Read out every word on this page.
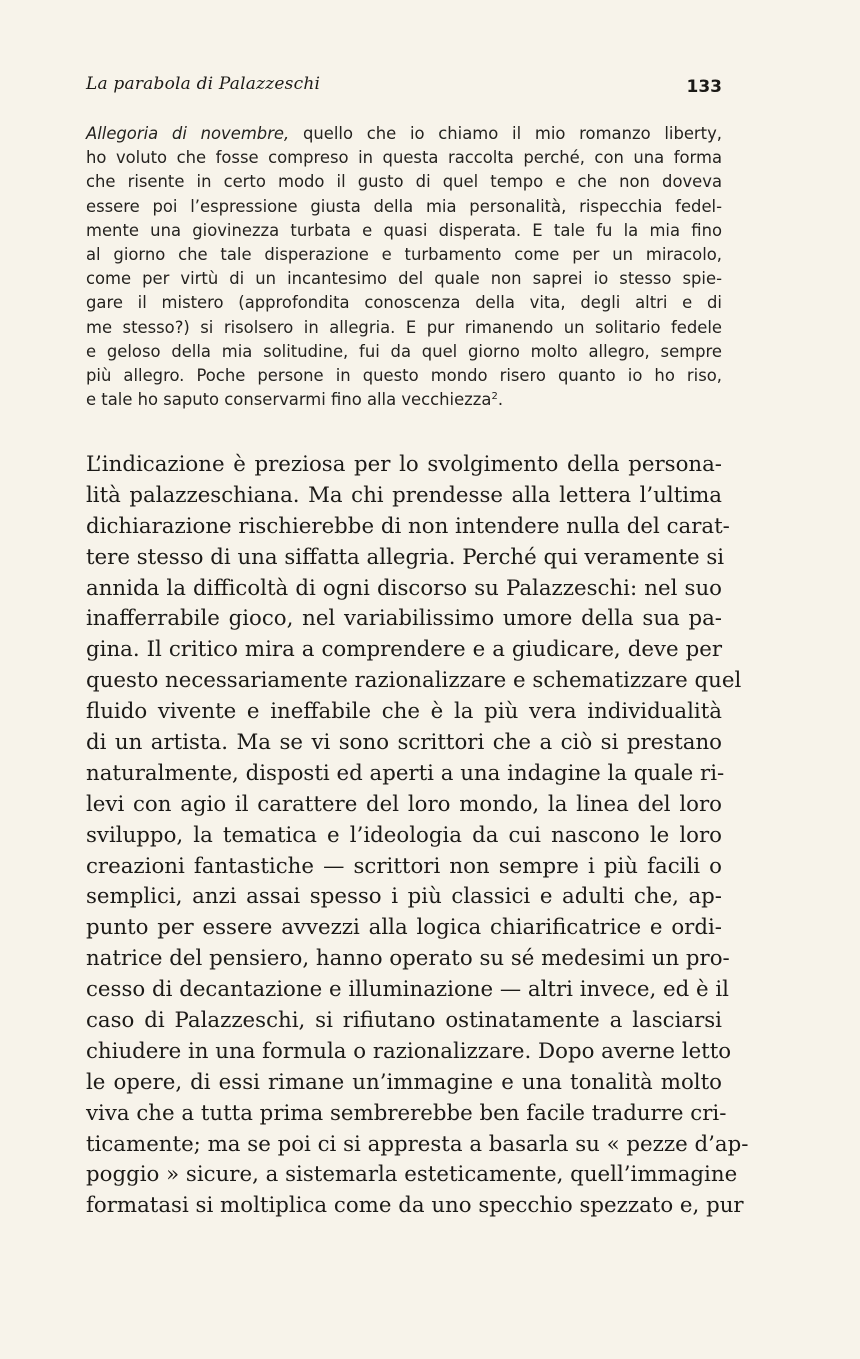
La parabola di Palazzeschi	133
Allegoria di novembre, quello che io chiamo il mio romanzo liberty,
ho voluto che fosse compreso in questa raccolta perché, con una forma
che risente in certo modo il gusto di quel tempo e che non doveva
essere poi l’espressione giusta della mia personalità, rispecchia fedel-
mente una giovinezza turbata e quasi disperata. E tale fu la mia fino
al giorno che tale disperazione e turbamento come per un miracolo,
come per virtù di un incantesimo del quale non saprei io stesso spie-
gare il mistero (approfondita conoscenza della vita, degli altri e di
me stesso?) si risolsero in allegria. E pur rimanendo un solitario fedele
e geloso della mia solitudine, fui da quel giorno molto allegro, sempre
più allegro. Poche persone in questo mondo risero quanto io ho riso,
e tale ho saputo conservarmi fino alla vecchiezza$^2$.
L’indicazione è preziosa per lo svolgimento della persona-
lità palazzeschiana. Ma chi prendesse alla lettera l’ultima
dichiarazione rischierebbe di non intendere nulla del carat-
tere stesso di una siffatta allegria. Perché qui veramente si
annida la difficoltà di ogni discorso su Palazzeschi: nel suo
inafferrabile gioco, nel variabilissimo umore della sua pa-
gina. Il critico mira a comprendere e a giudicare, deve per
questo necessariamente razionalizzare e schematizzare quel
fluido vivente e ineffabile che è la più vera individualità
di un artista. Ma se vi sono scrittori che a ciò si prestano
naturalmente, disposti ed aperti a una indagine la quale ri-
levi con agio il carattere del loro mondo, la linea del loro
sviluppo, la tematica e l’ideologia da cui nascono le loro
creazioni fantastiche — scrittori non sempre i più facili o
semplici, anzi assai spesso i più classici e adulti che, ap-
punto per essere avvezzi alla logica chiarificatrice e ordi-
natrice del pensiero, hanno operato su sé medesimi un pro-
cesso di decantazione e illuminazione — altri invece, ed è il
caso di Palazzeschi, si rifiutano ostinatamente a lasciarsi
chiudere in una formula o razionalizzare. Dopo averne letto
le opere, di essi rimane un’immagine e una tonalità molto
viva che a tutta prima sembrerebbe ben facile tradurre cri-
ticamente; ma se poi ci si appresta a basarla su « pezze d’ap-
poggio » sicure, a sistemarla esteticamente, quell’immagine
formatasi si moltiplica come da uno specchio spezzato e, pur
